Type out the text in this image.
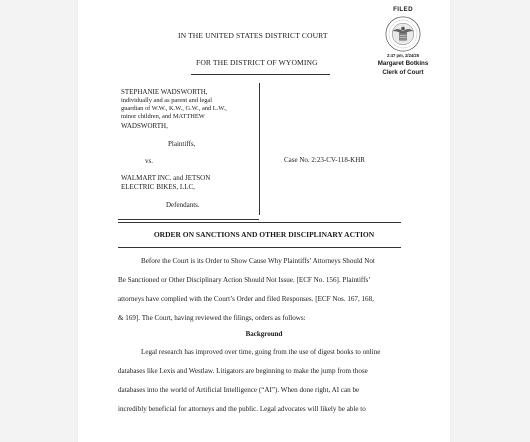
IN THE UNITED STATES DISTRICT COURT
FOR THE DISTRICT OF WYOMING
FILED
2:47 pm, 2/24/25
Margaret Botkins
Clerk of Court
STEPHANIE WADSWORTH,
individually and as parent and legal
guardian of W.W., K.W., G.W., and L.W.,
minor children, and MATTHEW
WADSWORTH,
Plaintiffs,
vs.
WALMART INC. and JETSON
ELECTRIC BIKES, LLC,
Defendants.
Case No. 2:23-CV-118-KHR
ORDER ON SANCTIONS AND OTHER DISCIPLINARY ACTION
Before the Court is its Order to Show Cause Why Plaintiffs’ Attorneys Should Not
Be Sanctioned or Other Disciplinary Action Should Not Issue. [ECF No. 156]. Plaintiffs’
attorneys have complied with the Court’s Order and filed Responses. [ECF Nos. 167, 168,
& 169]. The Court, having reviewed the filings, orders as follows:
Background
Legal research has improved over time, going from the use of digest books to online
databases like Lexis and Westlaw. Litigators are beginning to make the jump from those
databases into the world of Artificial Intelligence (“AI”). When done right, AI can be
incredibly beneficial for attorneys and the public. Legal advocates will likely be able to
